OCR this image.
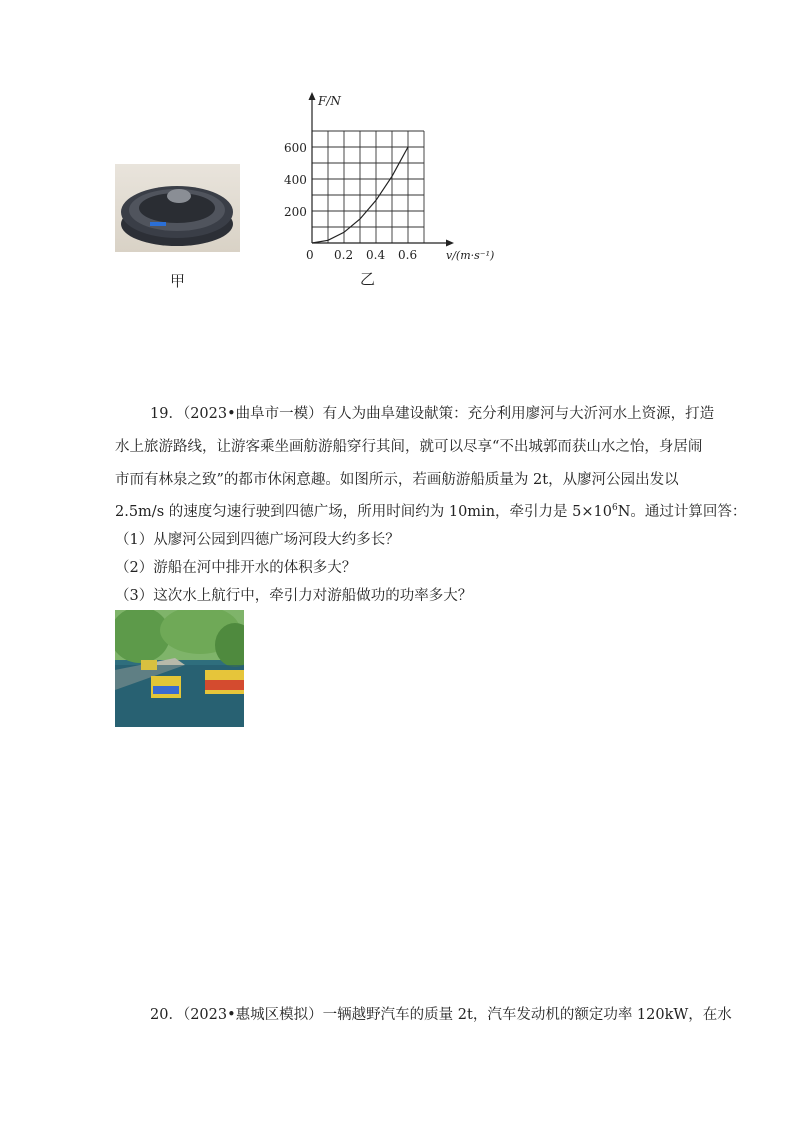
甲
F/N
v/(m·s⁻¹)
0
200
400
600
0.2 0.4 0.6
乙
19．（2023•曲阜市一模）有人为曲阜建设献策：充分利用廖河与大沂河水上资源，打造
水上旅游路线，让游客乘坐画舫游船穿行其间，就可以尽享“不出城郭而获山水之怡，身居闹
市而有林泉之致”的都市休闲意趣。如图所示，若画舫游船质量为 2t，从廖河公园出发以
2.5m/s 的速度匀速行驶到四德广场，所用时间约为 10min，牵引力是 $5\times 10^6N$。通过计算回答：
（1）从廖河公园到四德广场河段大约多长？
（2）游船在河中排开水的体积多大？
（3）这次水上航行中，牵引力对游船做功的功率多大？
20．（2023•惠城区模拟）一辆越野汽车的质量 2t，汽车发动机的额定功率 120kW，在水
